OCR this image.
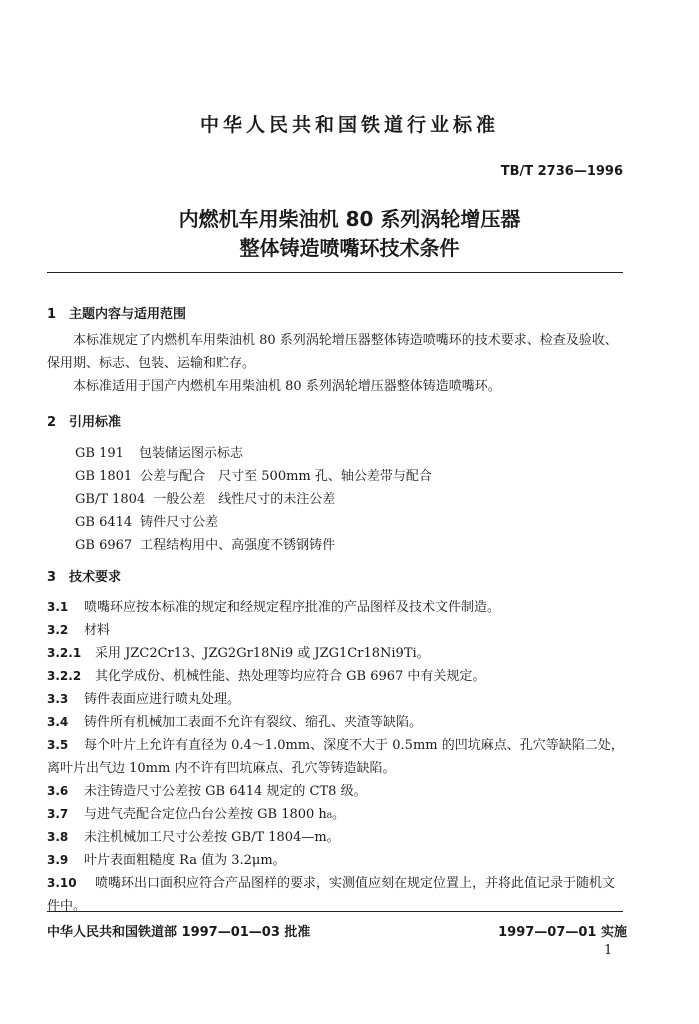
中华人民共和国铁道行业标准
TB/T 2736—1996
内燃机车用柴油机 80 系列涡轮增压器
整体铸造喷嘴环技术条件
1 主题内容与适用范围

本标准规定了内燃机车用柴油机 80 系列涡轮增压器整体铸造喷嘴环的技术要求、检查及验收、保用期、标志、包装、运输和贮存。

本标准适用于国产内燃机车用柴油机 80 系列涡轮增压器整体铸造喷嘴环。

2 引用标准
GB 191 包装储运图示标志
GB 1801 公差与配合　尺寸至 500mm 孔、轴公差带与配合
GB/T 1804 一般公差　线性尺寸的未注公差
GB 6414 铸件尺寸公差
GB 6967 工程结构用中、高强度不锈钢铸件
3 技术要求
3.1 喷嘴环应按本标准的规定和经规定程序批准的产品图样及技术文件制造。
3.2 材料
3.2.1 采用 JZC2Cr13、JZG2Gr18Ni9 或 JZG1Cr18Ni9Ti。
3.2.2 其化学成份、机械性能、热处理等均应符合 GB 6967 中有关规定。
3.3 铸件表面应进行喷丸处理。
3.4 铸件所有机械加工表面不允许有裂纹、缩孔、夹渣等缺陷。
3.5 每个叶片上允许有直径为 0.4～1.0mm、深度不大于 0.5mm 的凹坑麻点、孔穴等缺陷二处，离叶片出气边 10mm 内不许有凹坑麻点、孔穴等铸造缺陷。
3.6 未注铸造尺寸公差按 GB 6414 规定的 CT8 级。
3.7 与进气壳配合定位凸台公差按 GB 1800 h₈。
3.8 未注机械加工尺寸公差按 GB/T 1804—m。
3.9 叶片表面粗糙度 Ra 值为 3.2μm。
3.10 喷嘴环出口面积应符合产品图样的要求，实测值应刻在规定位置上，并将此值记录于随机文件中。
中华人民共和国铁道部 1997—01—03 批准	1997—07—01 实施
1
